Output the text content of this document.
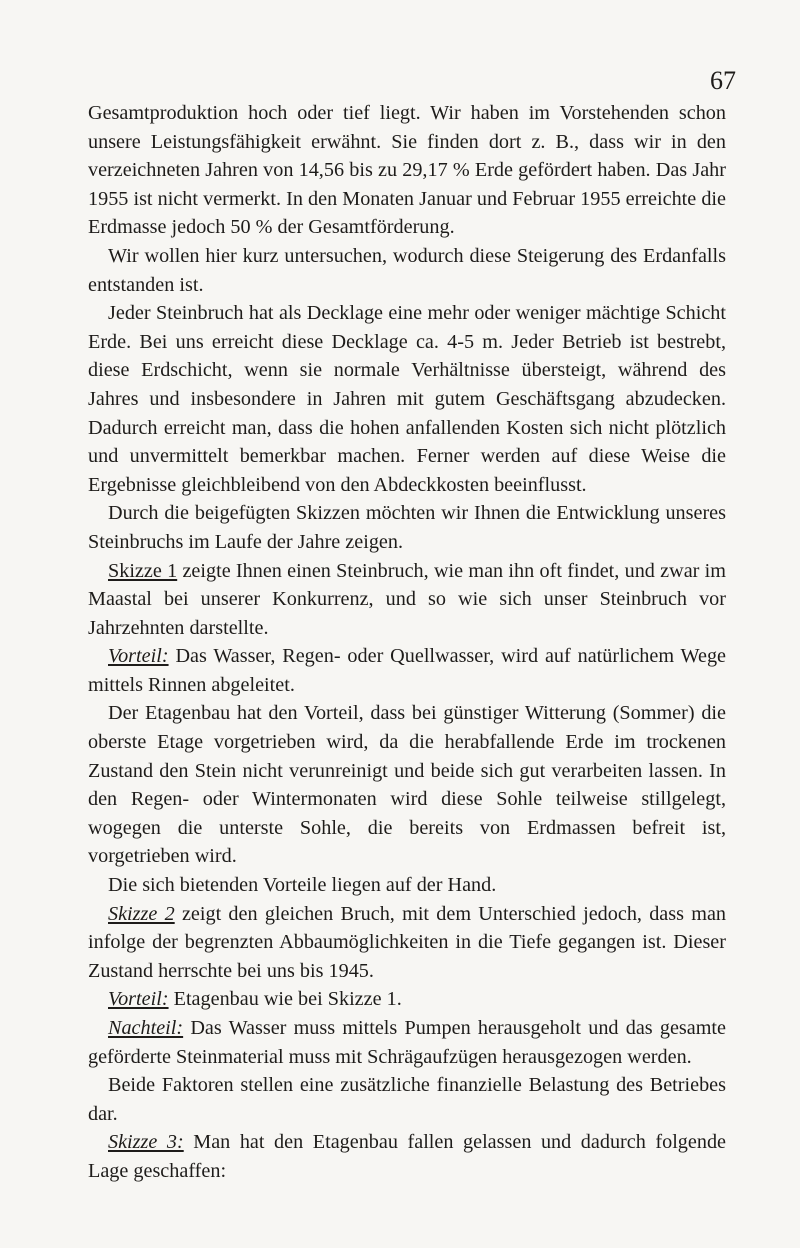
67

Gesamtproduktion hoch oder tief liegt. Wir haben im Vorstehenden schon unsere Leistungsfähigkeit erwähnt. Sie finden dort z. B., dass wir in den verzeichneten Jahren von 14,56 bis zu 29,17 % Erde gefördert haben. Das Jahr 1955 ist nicht vermerkt. In den Monaten Januar und Februar 1955 erreichte die Erdmasse jedoch 50 % der Gesamtförderung.

Wir wollen hier kurz untersuchen, wodurch diese Steigerung des Erdanfalls entstanden ist.

Jeder Steinbruch hat als Decklage eine mehr oder weniger mächtige Schicht Erde. Bei uns erreicht diese Decklage ca. 4-5 m. Jeder Betrieb ist bestrebt, diese Erdschicht, wenn sie normale Verhältnisse übersteigt, während des Jahres und insbesondere in Jahren mit gutem Geschäftsgang abzudecken. Dadurch erreicht man, dass die hohen anfallenden Kosten sich nicht plötzlich und unvermittelt bemerkbar machen. Ferner werden auf diese Weise die Ergebnisse gleichbleibend von den Abdeckkosten beeinflusst.

Durch die beigefügten Skizzen möchten wir Ihnen die Entwicklung unseres Steinbruchs im Laufe der Jahre zeigen.

Skizze 1 zeigte Ihnen einen Steinbruch, wie man ihn oft findet, und zwar im Maastal bei unserer Konkurrenz, und so wie sich unser Steinbruch vor Jahrzehnten darstellte.

Vorteil: Das Wasser, Regen- oder Quellwasser, wird auf natürlichem Wege mittels Rinnen abgeleitet.

Der Etagenbau hat den Vorteil, dass bei günstiger Witterung (Sommer) die oberste Etage vorgetrieben wird, da die herabfallende Erde im trockenen Zustand den Stein nicht verunreinigt und beide sich gut verarbeiten lassen. In den Regen- oder Wintermonaten wird diese Sohle teilweise stillgelegt, wogegen die unterste Sohle, die bereits von Erdmassen befreit ist, vorgetrieben wird.

Die sich bietenden Vorteile liegen auf der Hand.

Skizze 2 zeigt den gleichen Bruch, mit dem Unterschied jedoch, dass man infolge der begrenzten Abbaumöglichkeiten in die Tiefe gegangen ist. Dieser Zustand herrschte bei uns bis 1945.

Vorteil: Etagenbau wie bei Skizze 1.

Nachteil: Das Wasser muss mittels Pumpen herausgeholt und das gesamte geförderte Steinmaterial muss mit Schrägaufzügen herausgezogen werden.

Beide Faktoren stellen eine zusätzliche finanzielle Belastung des Betriebes dar.

Skizze 3: Man hat den Etagenbau fallen gelassen und dadurch folgende Lage geschaffen:
